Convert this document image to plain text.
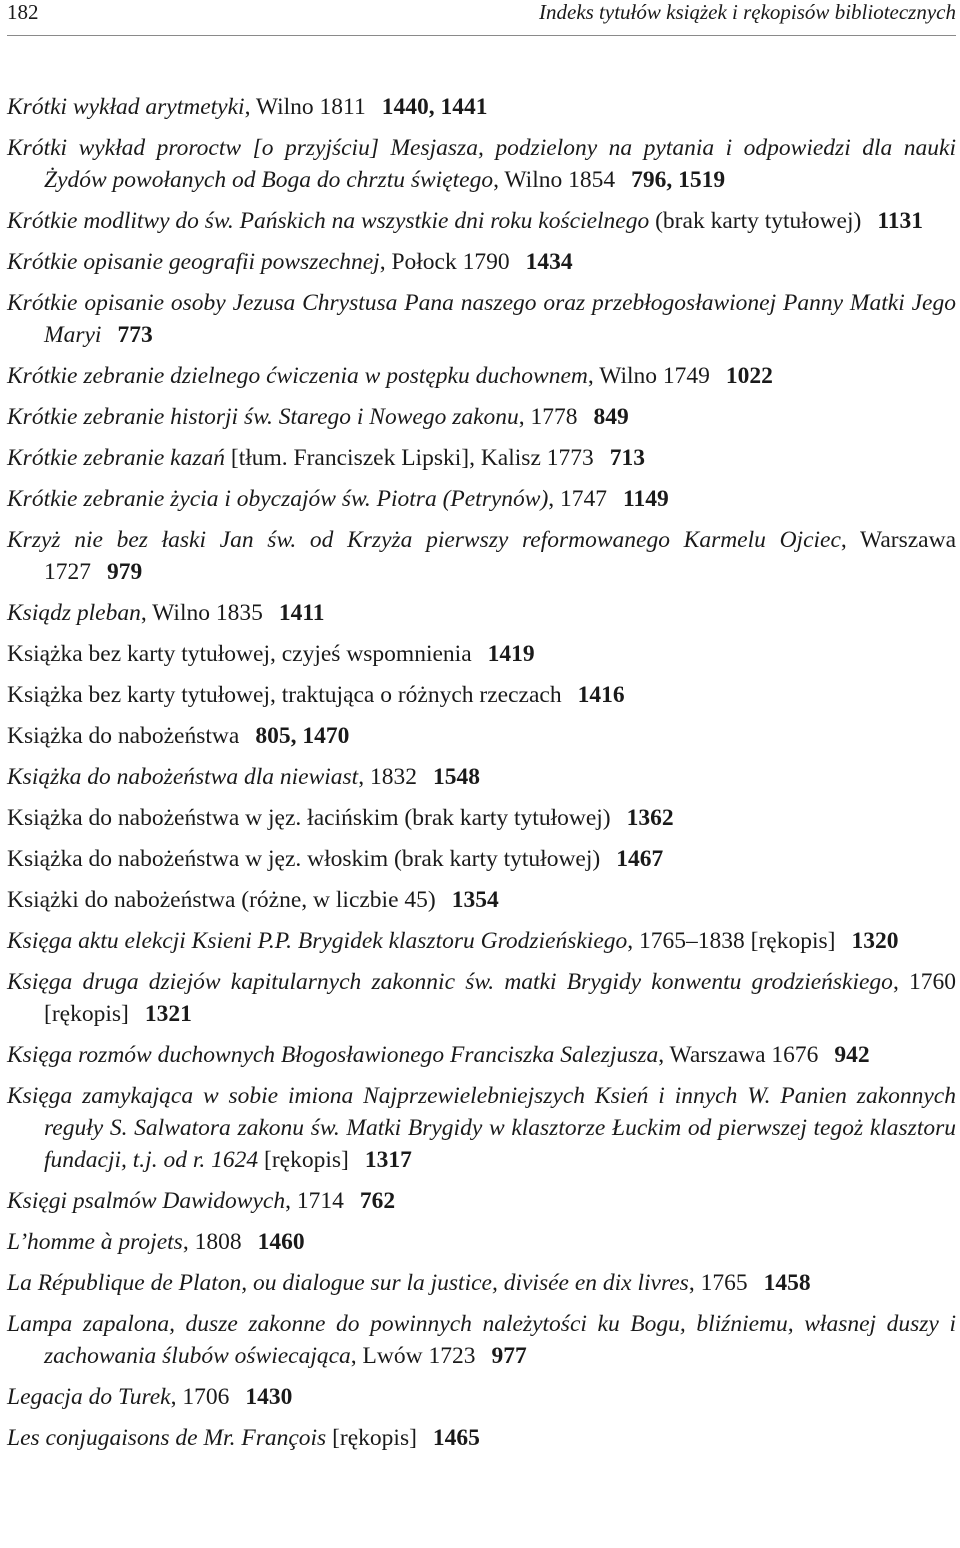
182	Indeks tytułów książek i rękopisów bibliotecznych
Krótki wykład arytmetyki, Wilno 1811 1440, 1441
Krótki wykład proroctw [o przyjściu] Mesjasza, podzielony na pytania i odpowiedzi dla nauki Żydów powołanych od Boga do chrztu świętego, Wilno 1854 796, 1519
Krótkie modlitwy do św. Pańskich na wszystkie dni roku kościelnego (brak karty tytułowej) 1131
Krótkie opisanie geografii powszechnej, Połock 1790 1434
Krótkie opisanie osoby Jezusa Chrystusa Pana naszego oraz przebłogosławionej Panny Matki Jego Maryi 773
Krótkie zebranie dzielnego ćwiczenia w postępku duchownem, Wilno 1749 1022
Krótkie zebranie historji św. Starego i Nowego zakonu, 1778 849
Krótkie zebranie kazań [tłum. Franciszek Lipski], Kalisz 1773 713
Krótkie zebranie życia i obyczajów św. Piotra (Petrynów), 1747 1149
Krzyż nie bez łaski Jan św. od Krzyża pierwszy reformowanego Karmelu Ojciec, Warszawa 1727 979
Ksiądz pleban, Wilno 1835 1411
Książka bez karty tytułowej, czyjeś wspomnienia 1419
Książka bez karty tytułowej, traktująca o różnych rzeczach 1416
Książka do nabożeństwa 805, 1470
Książka do nabożeństwa dla niewiast, 1832 1548
Książka do nabożeństwa w jęz. łacińskim (brak karty tytułowej) 1362
Książka do nabożeństwa w jęz. włoskim (brak karty tytułowej) 1467
Książki do nabożeństwa (różne, w liczbie 45) 1354
Księga aktu elekcji Ksieni P.P. Brygidek klasztoru Grodzieńskiego, 1765–1838 [rękopis] 1320
Księga druga dziejów kapitularnych zakonnic św. matki Brygidy konwentu grodzieńskiego, 1760 [rękopis] 1321
Księga rozmów duchownych Błogosławionego Franciszka Salezjusza, Warszawa 1676 942
Księga zamykająca w sobie imiona Najprzewielebniejszych Ksień i innych W. Panien zakonnych reguły S. Salwatora zakonu św. Matki Brygidy w klasztorze Łuckim od pierwszej tegoż klasztoru fundacji, t.j. od r. 1624 [rękopis] 1317
Księgi psalmów Dawidowych, 1714 762
L’homme à projets, 1808 1460
La République de Platon, ou dialogue sur la justice, divisée en dix livres, 1765 1458
Lampa zapalona, dusze zakonne do powinnych należytości ku Bogu, bliźniemu, własnej duszy i zachowania ślubów oświecająca, Lwów 1723 977
Legacja do Turek, 1706 1430
Les conjugaisons de Mr. François [rękopis] 1465
